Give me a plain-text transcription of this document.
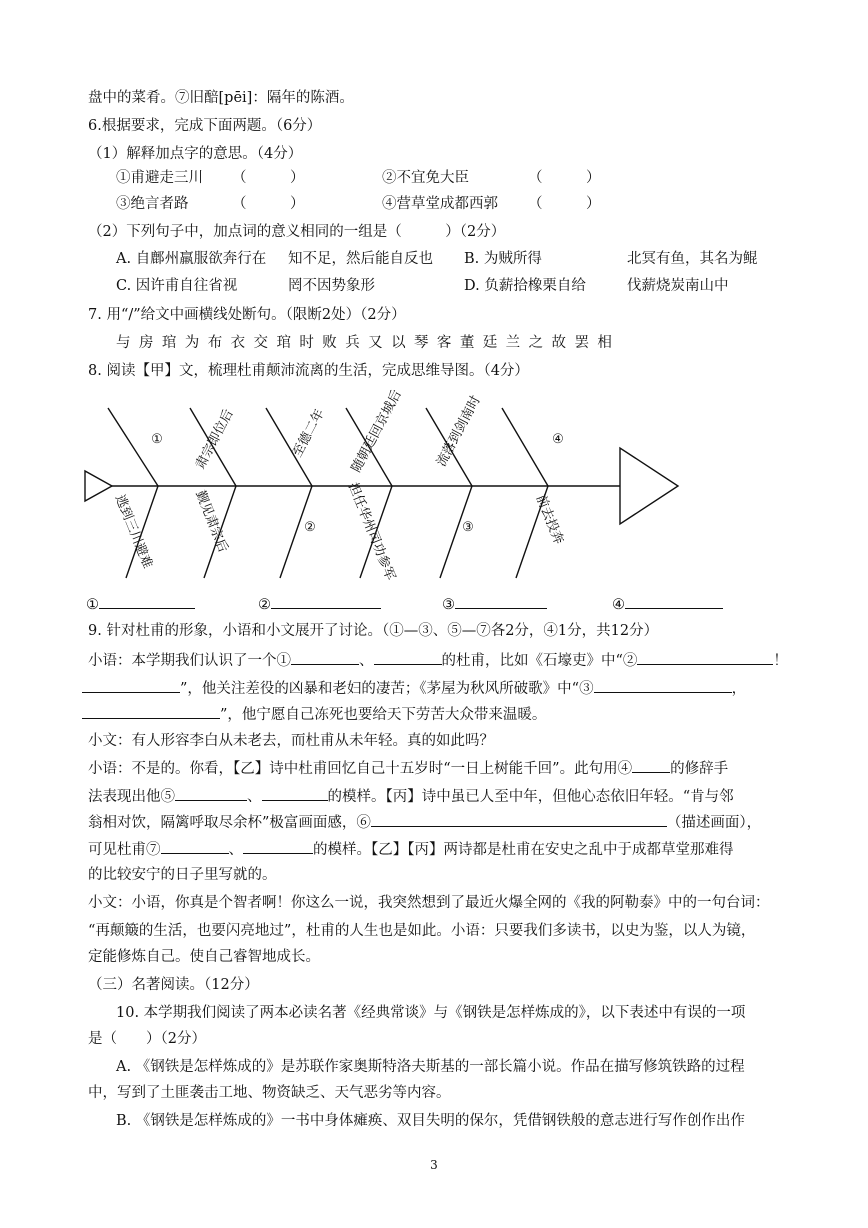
盘中的菜肴。⑦旧醅[pēi]：隔年的陈酒。
6.根据要求，完成下面两题。（6分）
（1）解释加点字的意思。（4分）
①甫避走三川 （　　　）	②不宜免大臣	（　　　）
③绝言者路	（　　　）	④营草堂成都西郭 （　　　）
（2）下列句子中，加点词的意义相同的一组是（　　　）（2分）
A. 自鄜州羸服欲奔行在 知不足，然后能自反也 B. 为贼所得	北冥有鱼，其名为鲲
C. 因许甫自往省视	罔不因势象形	D. 负薪拾橡栗自给	伐薪烧炭南山中
7. 用“/”给文中画横线处断句。（限断2处）（2分）
与 房 琯 为 布 衣 交 琯 时 败 兵 又 以 琴 客 董 廷 兰 之 故 罢 相
8. 阅读【甲】文，梳理杜甫颠沛流离的生活，完成思维导图。（4分）
① 肃宗即位后	至德二年 随朝廷回京城后 流落到剑南时	④
逃到三川避难	觐见肃宗后	② 担任华州司功参军	③	前去投奔
①	②	③	④
9. 针对杜甫的形象，小语和小文展开了讨论。（①—③、⑤—⑦各2分，④1分，共12分）
小语：本学期我们认识了一个①	、	的杜甫，比如《石壕吏》中“②	！
”，他关注差役的凶暴和老妇的凄苦；《茅屋为秋风所破歌》中“③	，
”，他宁愿自己冻死也要给天下劳苦大众带来温暖。
小文：有人形容李白从未老去，而杜甫从未年轻。真的如此吗？
小语：不是的。你看，【乙】诗中杜甫回忆自己十五岁时“一日上树能千回”。此句用④	的修辞手
法表现出他⑤	、	的模样。【丙】诗中虽已人至中年，但他心态依旧年轻。“肯与邻
翁相对饮，隔篱呼取尽余杯”极富画面感，⑥	（描述画面），
可见杜甫⑦	、	的模样。【乙】【丙】两诗都是杜甫在安史之乱中于成都草堂那难得
的比较安宁的日子里写就的。
小文：小语，你真是个智者啊！你这么一说，我突然想到了最近火爆全网的《我的阿勒泰》中的一句台词：
“再颠簸的生活，也要闪亮地过”，杜甫的人生也是如此。小语：只要我们多读书，以史为鉴，以人为镜，
定能修炼自己。使自己睿智地成长。
（三）名著阅读。（12分）
10. 本学期我们阅读了两本必读名著《经典常谈》与《钢铁是怎样炼成的》，以下表述中有误的一项
是（　　）（2分）
A. 《钢铁是怎样炼成的》是苏联作家奥斯特洛夫斯基的一部长篇小说。作品在描写修筑铁路的过程
中，写到了土匪袭击工地、物资缺乏、天气恶劣等内容。
B. 《钢铁是怎样炼成的》一书中身体瘫痪、双目失明的保尔，凭借钢铁般的意志进行写作创作出作
3
